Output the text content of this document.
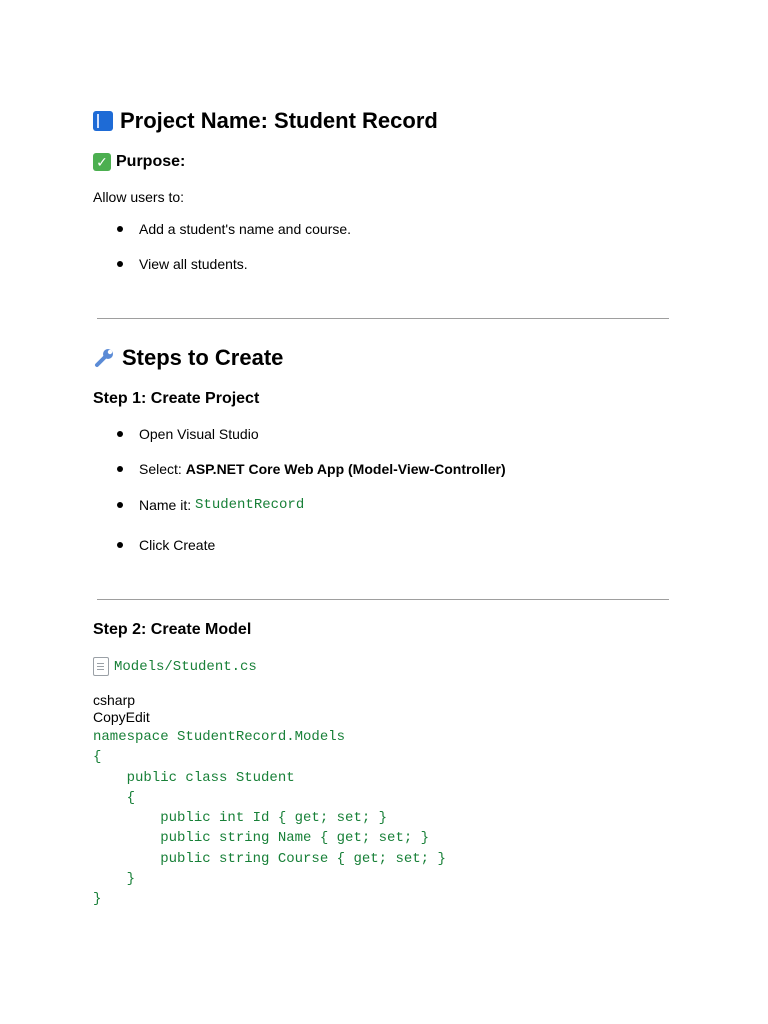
Project Name: Student Record
✓ Purpose:
Allow users to:
Add a student's name and course.
View all students.
Steps to Create
Step 1: Create Project
Open Visual Studio
Select: ASP.NET Core Web App (Model-View-Controller)
Name it: StudentRecord
Click Create
Step 2: Create Model
Models/Student.cs
csharp
CopyEdit
namespace StudentRecord.Models
{
public class Student
{
public int Id { get; set; }
public string Name { get; set; }
public string Course { get; set; }
}
}
